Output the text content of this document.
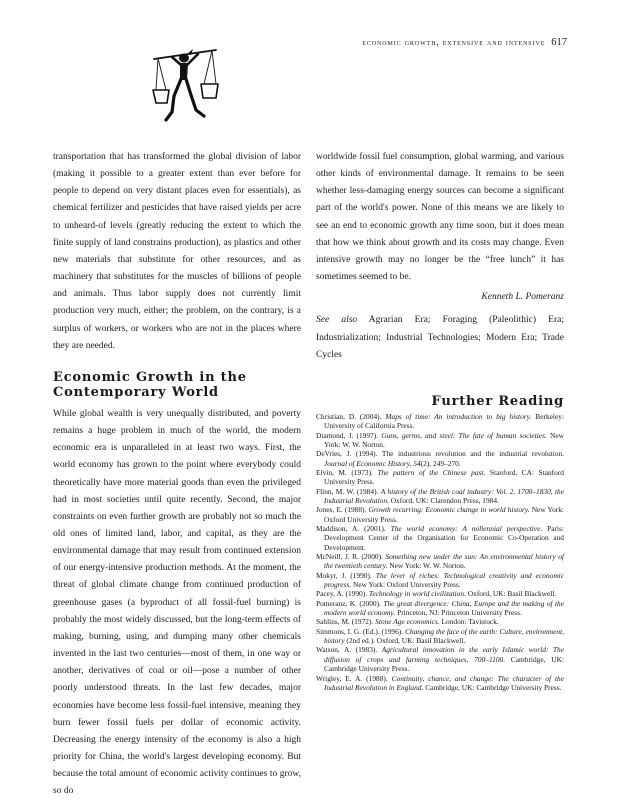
economic growth, extensive and intensive 617

transportation that has transformed the global division of labor (making it possible to a greater extent than ever before for people to depend on very distant places even for essentials), as chemical fertilizer and pesticides that have raised yields per acre to unheard-of levels (greatly reducing the extent to which the finite supply of land constrains production), as plastics and other new materials that substitute for other resources, and as machinery that substitutes for the muscles of billions of people and animals. Thus labor supply does not currently limit production very much, either; the problem, on the contrary, is a surplus of workers, or workers who are not in the places where they are needed.

Economic Growth in the
Contemporary World

While global wealth is very unequally distributed, and poverty remains a huge problem in much of the world, the modern economic era is unparalleled in at least two ways. First, the world economy has grown to the point where everybody could theoretically have more material goods than even the privileged had in most societies until quite recently. Second, the major constraints on even further growth are probably not so much the old ones of limited land, labor, and capital, as they are the environmental damage that may result from continued extension of our energy-intensive production methods. At the moment, the threat of global climate change from continued production of greenhouse gases (a byproduct of all fossil-fuel burning) is probably the most widely discussed, but the long-term effects of making, burning, using, and dumping many other chemicals invented in the last two centuries—most of them, in one way or another, derivatives of coal or oil—pose a number of other poorly understood threats. In the last few decades, major economies have become less fossil-fuel intensive, meaning they burn fewer fossil fuels per dollar of economic activity. Decreasing the energy intensity of the economy is also a high priority for China, the world's largest developing economy. But because the total amount of economic activity continues to grow, so do

worldwide fossil fuel consumption, global warming, and various other kinds of environmental damage. It remains to be seen whether less-damaging energy sources can become a significant part of the world's power. None of this means we are likely to see an end to economic growth any time soon, but it does mean that how we think about growth and its costs may change. Even intensive growth may no longer be the “free lunch” it has sometimes seemed to be.

Kenneth L. Pomeranz

See also Agrarian Era; Foraging (Paleolithic) Era; Industrialization; Industrial Technologies; Modern Era; Trade Cycles

Further Reading

Christian, D. (2004). Maps of time: An introduction to big history. Berkeley: University of California Press.

Diamond, J. (1997). Guns, germs, and steel: The fate of human societies. New York: W. W. Norton.

DeVries, J. (1994). The industrious revolution and the industrial revolution. Journal of Economic History, 54(2), 249–270.

Elvin, M. (1973). The pattern of the Chinese past. Stanford, CA: Stanford University Press.

Flinn, M. W. (1984). A history of the British coal industry: Vol. 2. 1700–1830, the Industrial Revolution. Oxford, UK: Clarendon Press, 1984.

Jones, E. (1988). Growth recurring: Economic change in world history. New York: Oxford University Press.

Maddison, A. (2001). The world economy: A millennial perspective. Paris: Development Center of the Organisation for Economic Co-Operation and Development.

McNeill, J. R. (2000). Something new under the sun: An environmental history of the twentieth century. New York: W. W. Norton.

Mokyr, J. (1990). The lever of riches: Technological creativity and economic progress. New York: Oxford University Press.

Pacey, A. (1990). Technology in world civilization. Oxford, UK: Basil Blackwell.

Pomeranz, K. (2000). The great divergence: China, Europe and the making of the modern world economy. Princeton, NJ: Princeton University Press.

Sahlins, M. (1972). Stone Age economics. London: Tavistock.

Simmons, I. G. (Ed.). (1996). Changing the face of the earth: Culture, environment, history (2nd ed.). Oxford, UK: Basil Blackwell.

Watson, A. (1983). Agricultural innovation in the early Islamic world: The diffusion of crops and farming techniques, 700–1100. Cambridge, UK: Cambridge University Press.

Wrigley, E. A. (1988). Continuity, chance, and change: The character of the Industrial Revolution in England. Cambridge, UK: Cambridge University Press.
